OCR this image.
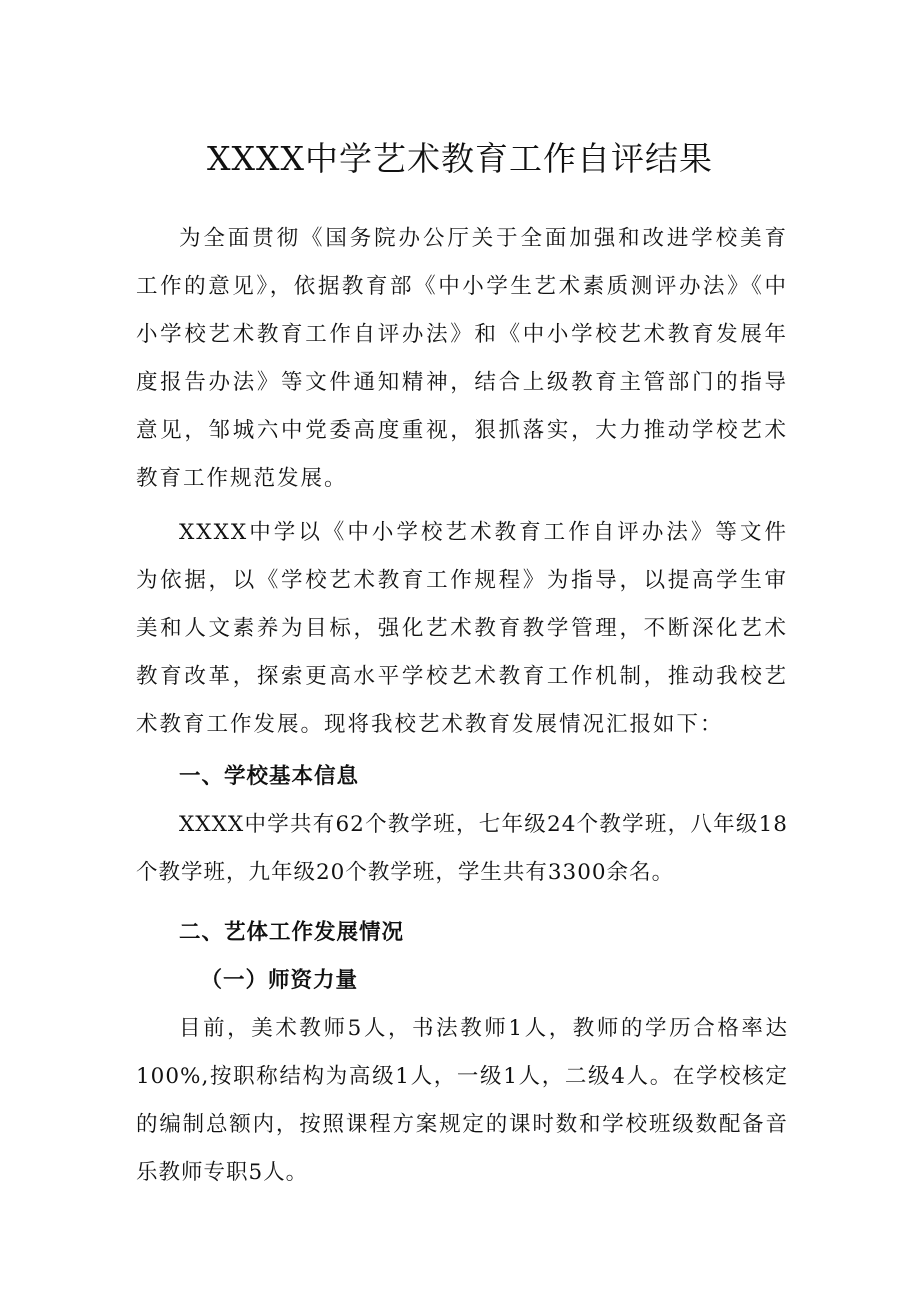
XXXX中学艺术教育工作自评结果

为全面贯彻《国务院办公厅关于全面加强和改进学校美育工作的意见》，依据教育部《中小学生艺术素质测评办法》《中小学校艺术教育工作自评办法》和《中小学校艺术教育发展年度报告办法》等文件通知精神，结合上级教育主管部门的指导意见，邹城六中党委高度重视，狠抓落实，大力推动学校艺术教育工作规范发展。

XXXX中学以《中小学校艺术教育工作自评办法》等文件为依据，以《学校艺术教育工作规程》为指导，以提高学生审美和人文素养为目标，强化艺术教育教学管理，不断深化艺术教育改革，探索更高水平学校艺术教育工作机制，推动我校艺术教育工作发展。现将我校艺术教育发展情况汇报如下：

一、学校基本信息

XXXX中学共有62个教学班，七年级24个教学班，八年级18个教学班，九年级20个教学班，学生共有3300余名。

二、艺体工作发展情况
（一）师资力量

目前，美术教师5人，书法教师1人，教师的学历合格率达100%,按职称结构为高级1人，一级1人，二级4人。在学校核定的编制总额内，按照课程方案规定的课时数和学校班级数配备音乐教师专职5人。
